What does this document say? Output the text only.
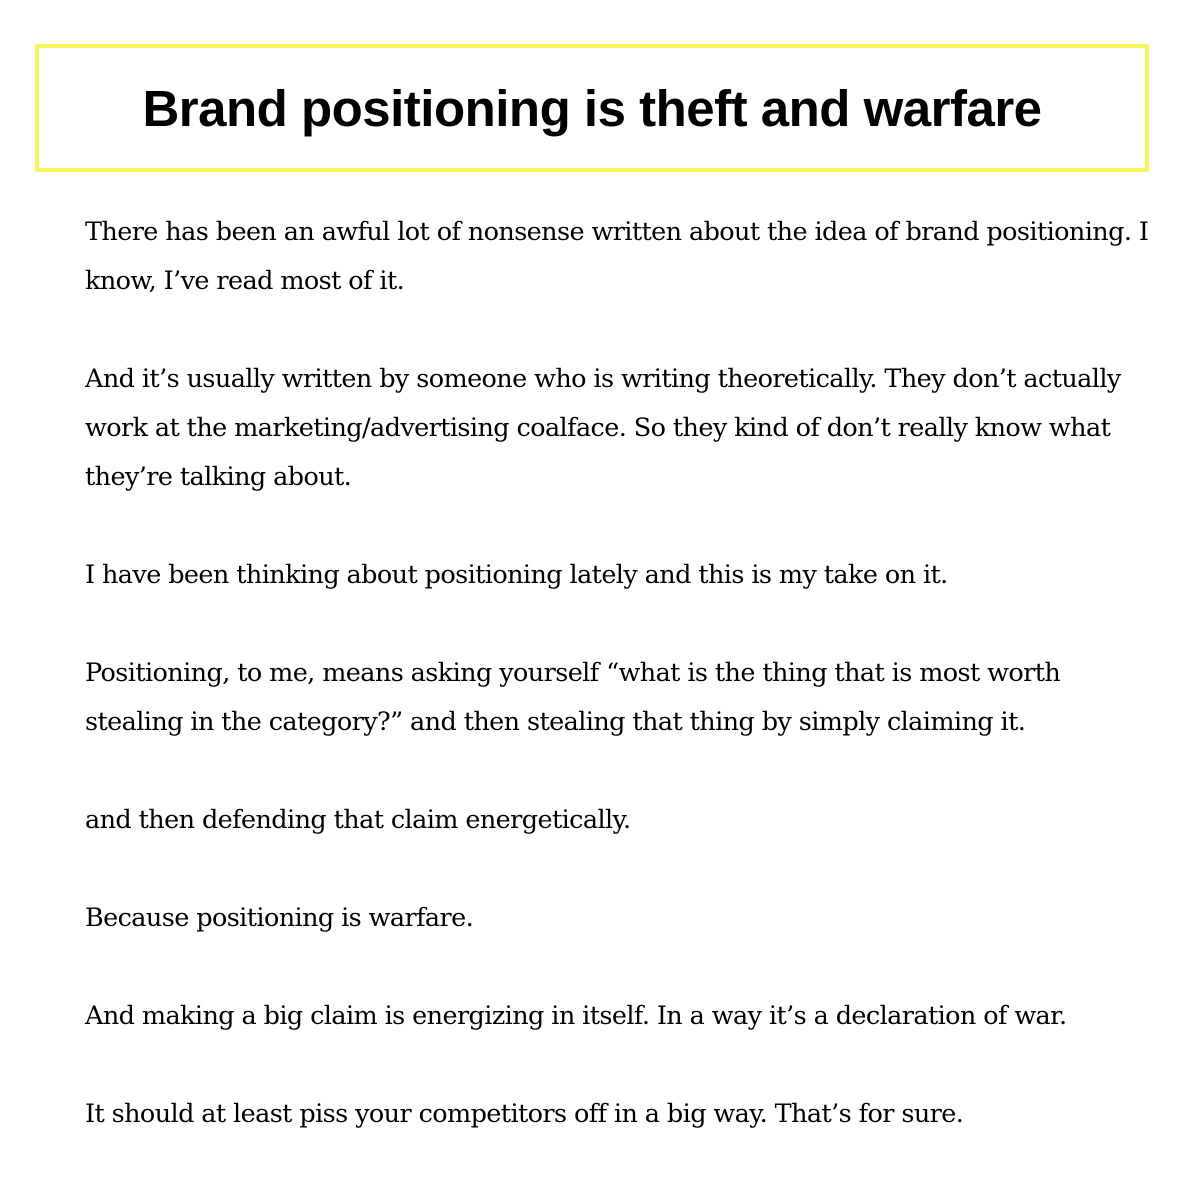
Brand positioning is theft and warfare

There has been an awful lot of nonsense written about the idea of brand positioning. I know, I’ve read most of it.

And it’s usually written by someone who is writing theoretically. They don’t actually work at the marketing/advertising coalface. So they kind of don’t really know what they’re talking about.

I have been thinking about positioning lately and this is my take on it.

Positioning, to me, means asking yourself “what is the thing that is most worth stealing in the category?” and then stealing that thing by simply claiming it.

and then defending that claim energetically.

Because positioning is warfare.

And making a big claim is energizing in itself. In a way it’s a declaration of war.

It should at least piss your competitors off in a big way. That’s for sure.
